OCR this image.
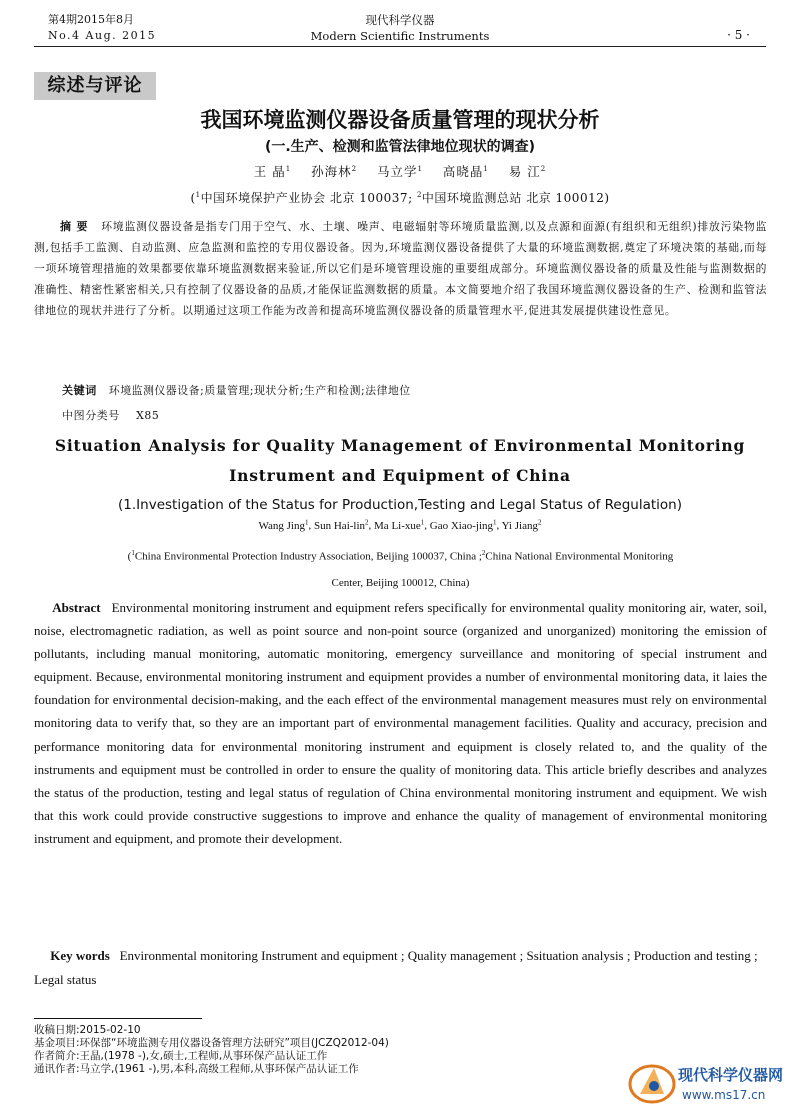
第4期2015年8月
No.4 Aug. 2015
现代科学仪器
Modern Scientific Instruments	· 5 ·
综述与评论
我国环境监测仪器设备质量管理的现状分析
(一.生产、检测和监管法律地位现状的调查)
王 晶$^1$ 孙海林$^2$ 马立学$^1$ 高晓晶$^1$ 易 江$^2$
($^1$中国环境保护产业协会 北京 100037; $^2$中国环境监测总站 北京 100012)
摘 要 环境监测仪器设备是指专门用于空气、水、土壤、噪声、电磁辐射等环境质量监测,以及点源和面源(有组织和无组织)排放污染物监测,包括手工监测、自动监测、应急监测和监控的专用仪器设备。因为,环境监测仪器设备提供了大量的环境监测数据,奠定了环境决策的基础,而每一项环境管理措施的效果都要依靠环境监测数据来验证,所以它们是环境管理设施的重要组成部分。环境监测仪器设备的质量及性能与监测数据的准确性、精密性紧密相关,只有控制了仪器设备的品质,才能保证监测数据的质量。本文简要地介绍了我国环境监测仪器设备的生产、检测和监管法律地位的现状并进行了分析。以期通过这项工作能为改善和提高环境监测仪器设备的质量管理水平,促进其发展提供建设性意见。
关键词 环境监测仪器设备;质量管理;现状分析;生产和检测;法律地位
中图分类号 X85
Situation Analysis for Quality Management of Environmental Monitoring
Instrument and Equipment of China
(1.Investigation of the Status for Production,Testing and Legal Status of Regulation)
Wang Jing$^1$, Sun Hai-lin$^2$, Ma Li-xue$^1$, Gao Xiao-jing$^1$, Yi Jiang$^2$
($^1$China Environmental Protection Industry Association, Beijing 100037, China ;$^2$China National Environmental Monitoring
Center, Beijing 100012, China)
Abstract Environmental monitoring instrument and equipment refers specifically for environmental quality monitoring air, water, soil, noise, electromagnetic radiation, as well as point source and non-point source (organized and unorganized) monitoring the emission of pollutants, including manual monitoring, automatic monitoring, emergency surveillance and monitoring of special instrument and equipment. Because, environmental monitoring instrument and equipment provides a number of environmental monitoring data, it laies the foundation for environmental decision-making, and the each effect of the environmental management measures must rely on environmental monitoring data to verify that, so they are an important part of environmental management facilities. Quality and accuracy, precision and performance monitoring data for environmental monitoring instrument and equipment is closely related to, and the quality of the instruments and equipment must be controlled in order to ensure the quality of monitoring data. This article briefly describes and analyzes the status of the production, testing and legal status of regulation of China environmental monitoring instrument and equipment. We wish that this work could provide constructive suggestions to improve and enhance the quality of management of environmental monitoring instrument and equipment, and promote their development.
Key words Environmental monitoring Instrument and equipment ; Quality management ; Ssituation analysis ; Production and testing ; Legal status
收稿日期:2015-02-10
基金项目:环保部“环境监测专用仪器设备管理方法研究”项目(JCZQ2012-04)
作者简介:王晶,(1978 -),女,硕士,工程师,从事环保产品认证工作
通讯作者:马立学,(1961 -),男,本科,高级工程师,从事环保产品认证工作	现代科学仪器网
www.ms17.cn
